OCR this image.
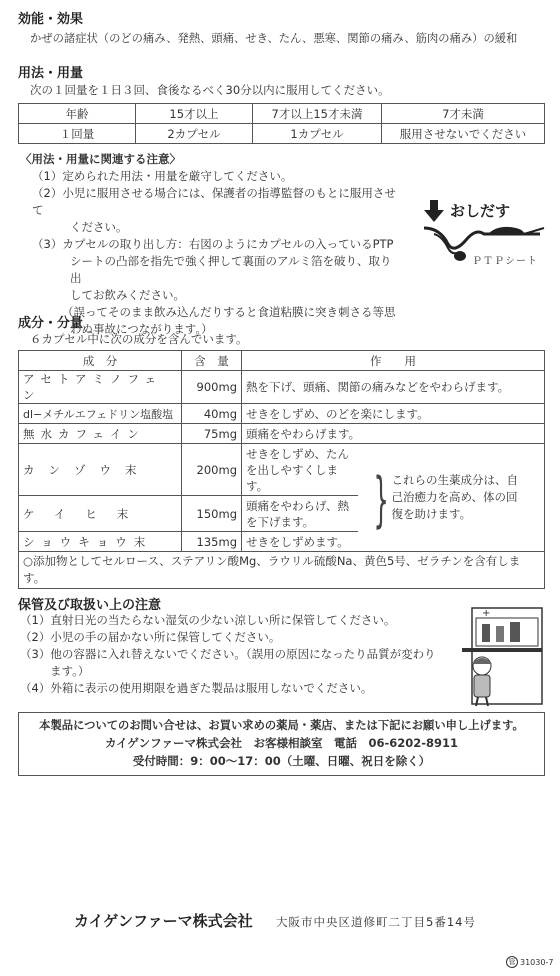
効能・効果
かぜの諸症状（のどの痛み、発熱、頭痛、せき、たん、悪寒、関節の痛み、筋肉の痛み）の緩和
用法・用量
次の１回量を１日３回、食後なるべく30分以内に服用してください。
年齢	15才以上	7才以上15才未満	7才未満
１回量	2カプセル	1カプセル	服用させないでください
〈用法・用量に関連する注意〉

（1）定められた用法・用量を厳守してください。

（2）小児に服用させる場合には、保護者の指導監督のもとに服用させて

ください。

（3）カプセルの取り出し方：右図のようにカプセルの入っているPTP

シートの凸部を指先で強く押して裏面のアルミ箔を破り、取り出

してお飲みください。

（誤ってそのまま飲み込んだりすると食道粘膜に突き刺さる等思

わぬ事故につながります。）

おしだす
ＰＴＰシート
成分・分量
６カプセル中に次の成分を含んでいます。
成　分	含　量	作　　用	
アセトアミノフェン	900mg	熱を下げ、頭痛、関節の痛みなどをやわらげます。	
dl−メチルエフェドリン塩酸塩	40mg	せきをしずめ、のどを楽にします。	
無水カフェイン	75mg	頭痛をやわらげます。	
カンゾウ末	200mg	せきをしずめ、たんを出しやすくします。	} これらの生薬成分は、自己治癒力を高め、体の回復を助けます。
ケイヒ末	150mg	頭痛をやわらげ、熱を下げます。	
ショウキョウ末	135mg	せきをしずめます。	
○添加物としてセルロース、ステアリン酸Mg、ラウリル硫酸Na、黄色5号、ゼラチンを含有します。			
保管及び取扱い上の注意

（1）直射日光の当たらない湿気の少ない涼しい所に保管してください。

（2）小児の手の届かない所に保管してください。

（3）他の容器に入れ替えないでください。（誤用の原因になったり品質が変わり

ます。）

（4）外箱に表示の使用期限を過ぎた製品は服用しないでください。

+
本製品についてのお問い合せは、お買い求めの薬局・薬店、または下記にお願い申し上げます。
カイゲンファーマ株式会社　お客様相談室　電話　06-6202-8911
受付時間：9：00〜17：00（土曜、日曜、祝日を除く）
カイゲンファーマ株式会社 大阪市中央区道修町二丁目5番14号
管 31030-7
